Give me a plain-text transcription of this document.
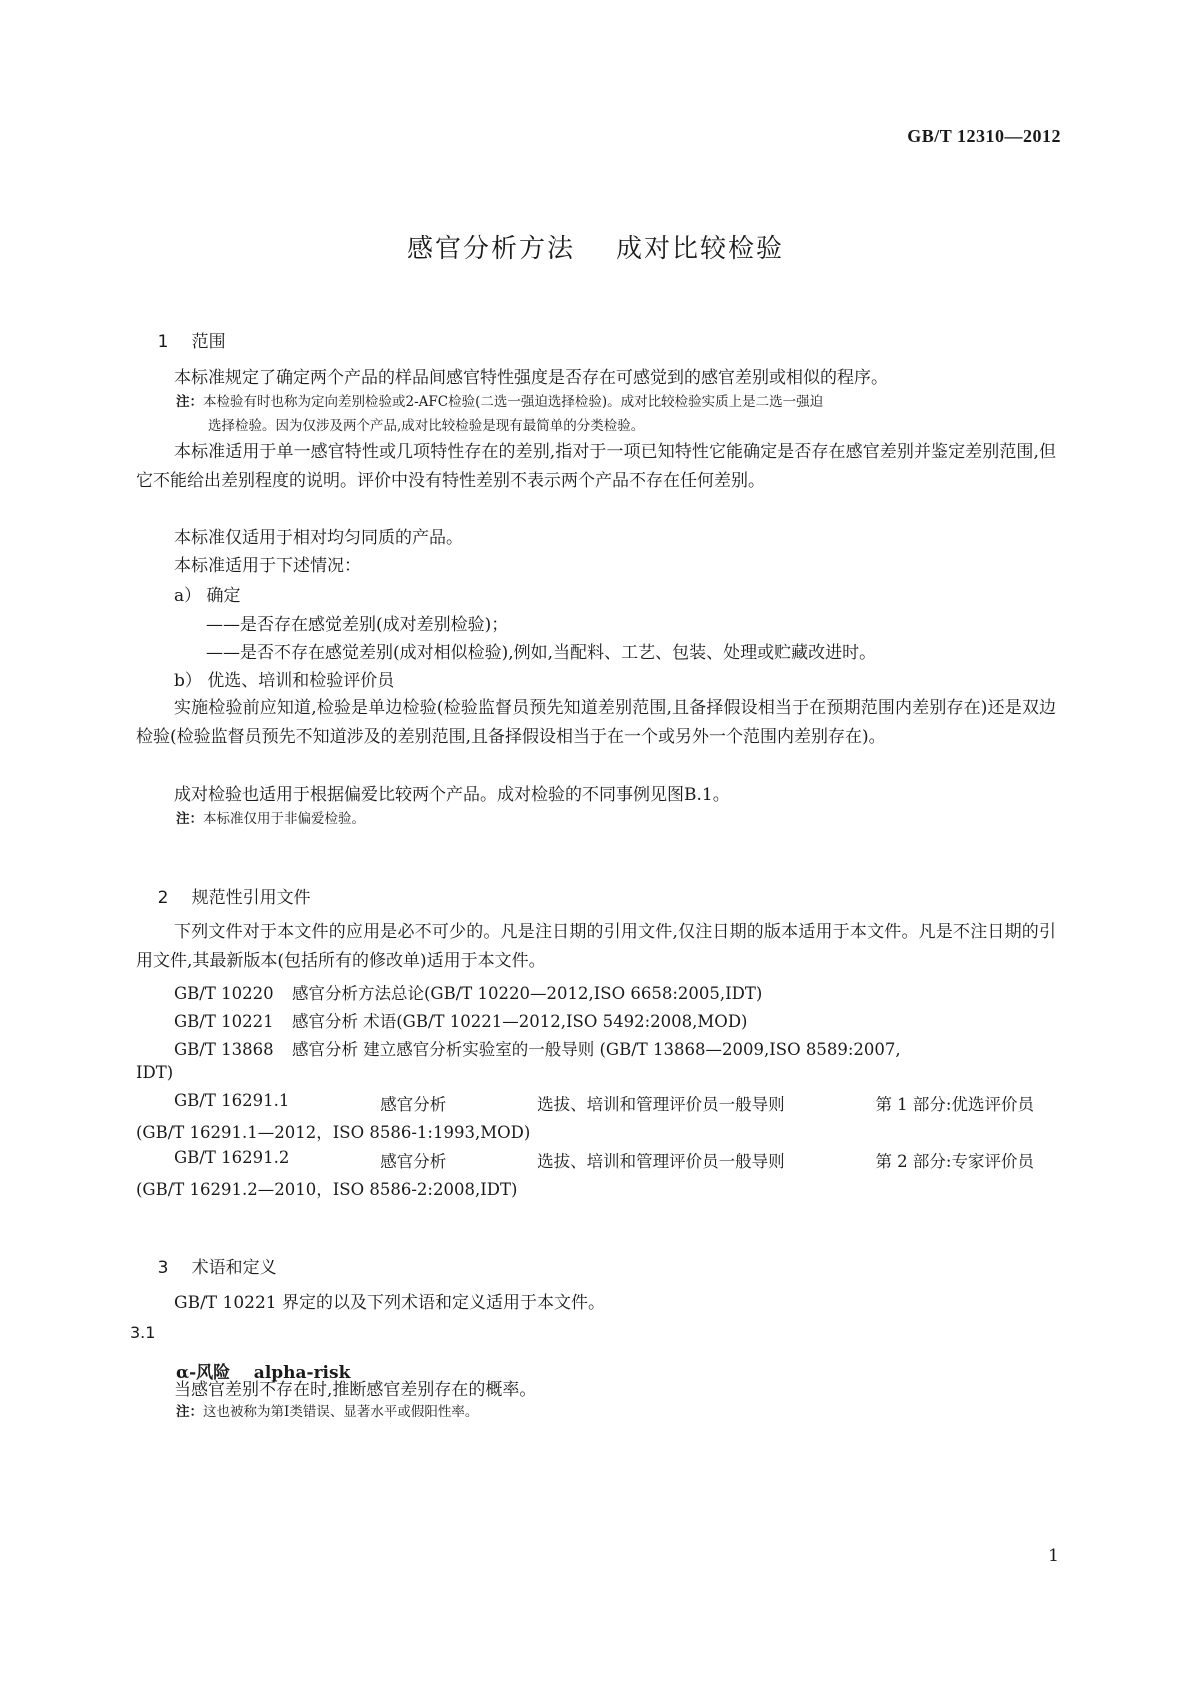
GB/T 12310—2012
感官分析方法    成对比较检验

1 范围

本标准规定了确定两个产品的样品间感官特性强度是否存在可感觉到的感官差别或相似的程序。
注：本检验有时也称为定向差别检验或2-AFC检验(二选一强迫选择检验)。成对比较检验实质上是二选一强迫
选择检验。因为仅涉及两个产品,成对比较检验是现有最简单的分类检验。
本标准适用于单一感官特性或几项特性存在的差别,指对于一项已知特性它能确定是否存在感官差别并鉴定差别范围,但它不能给出差别程度的说明。评价中没有特性差别不表示两个产品不存在任何差别。
本标准仅适用于相对均匀同质的产品。
本标准适用于下述情况：
a） 确定
——是否存在感觉差别(成对差别检验)；
——是否不存在感觉差别(成对相似检验),例如,当配料、工艺、包装、处理或贮藏改进时。
b） 优选、培训和检验评价员
实施检验前应知道,检验是单边检验(检验监督员预先知道差别范围,且备择假设相当于在预期范围内差别存在)还是双边检验(检验监督员预先不知道涉及的差别范围,且备择假设相当于在一个或另外一个范围内差别存在)。
成对检验也适用于根据偏爱比较两个产品。成对检验的不同事例见图B.1。
注：本标准仅用于非偏爱检验。

2 规范性引用文件

下列文件对于本文件的应用是必不可少的。凡是注日期的引用文件,仅注日期的版本适用于本文件。凡是不注日期的引用文件,其最新版本(包括所有的修改单)适用于本文件。
GB/T 10220 感官分析方法总论(GB/T 10220—2012,ISO 6658:2005,IDT)
GB/T 10221 感官分析 术语(GB/T 10221—2012,ISO 5492:2008,MOD)
GB/T 13868 感官分析 建立感官分析实验室的一般导则 (GB/T 13868—2009,ISO 8589:2007,
IDT)
GB/T 16291.1	感官分析	选拔、培训和管理评价员一般导则	第 1 部分:优选评价员
(GB/T 16291.1—2012，ISO 8586-1:1993,MOD)
GB/T 16291.2	感官分析	选拔、培训和管理评价员一般导则	第 2 部分:专家评价员
(GB/T 16291.2—2010，ISO 8586-2:2008,IDT)

3 术语和定义

GB/T 10221 界定的以及下列术语和定义适用于本文件。
3.1
α-风险    alpha-risk
当感官差别不存在时,推断感官差别存在的概率。
注：这也被称为第Ⅰ类错误、显著水平或假阳性率。
1
